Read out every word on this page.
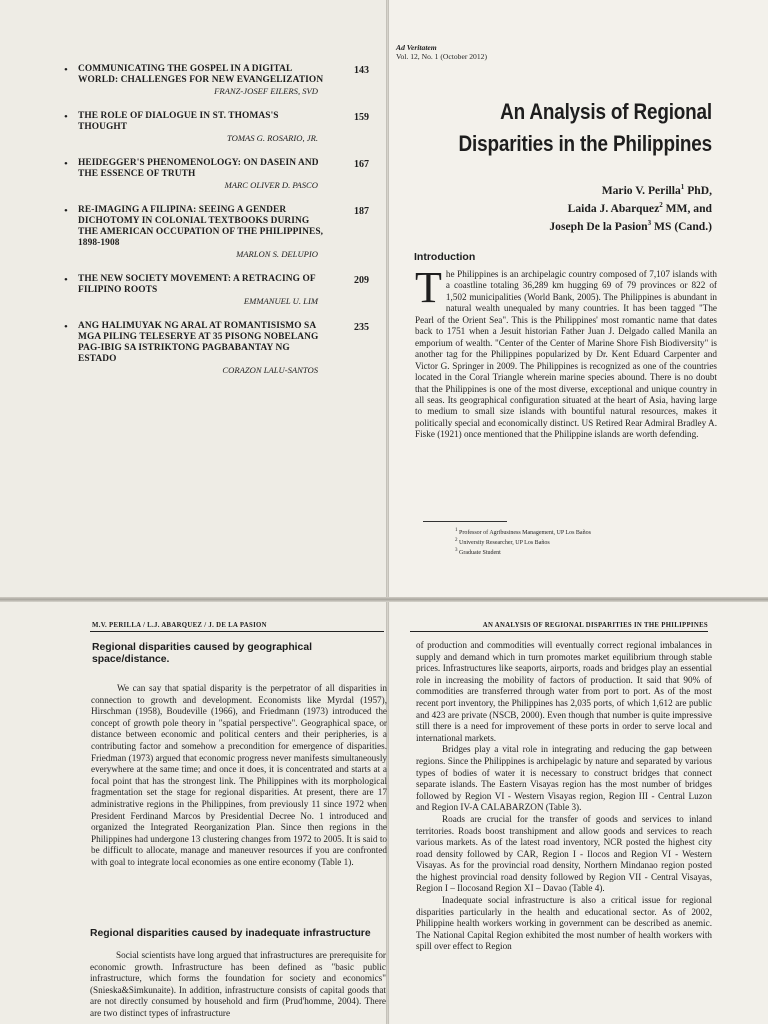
• COMMUNICATING THE GOSPEL IN A DIGITAL WORLD: CHALLENGES FOR NEW EVANGELIZATION
143
FRANZ-JOSEF EILERS, SVD
• THE ROLE OF DIALOGUE IN ST. THOMAS'S THOUGHT
159
TOMAS G. ROSARIO, JR.
• HEIDEGGER'S PHENOMENOLOGY: ON DASEIN AND THE ESSENCE OF TRUTH
167
MARC OLIVER D. PASCO
• RE-IMAGING A FILIPINA: SEEING A GENDER DICHOTOMY IN COLONIAL TEXTBOOKS DURING THE AMERICAN OCCUPATION OF THE PHILIPPINES, 1898-1908
187
MARLON S. DELUPIO
• THE NEW SOCIETY MOVEMENT: A RETRACING OF FILIPINO ROOTS
209
EMMANUEL U. LIM
• ANG HALIMUYAK NG ARAL AT ROMANTISISMO SA MGA PILING TELESERYE AT 35 PISONG NOBELANG PAG-IBIG SA ISTRIKTONG PAGBABANTAY NG ESTADO
235
CORAZON LALU-SANTOS
Ad Veritatem
Vol. 12, No. 1 (October 2012)
An Analysis of Regional
Disparities in the Philippines
Mario V. Perilla$^1$ PhD,
Laida J. Abarquez$^2$ MM, and
Joseph De la Pasion$^3$ MS (Cand.)
Introduction
The Philippines is an archipelagic country composed of 7,107 islands with a coastline totaling 36,289 km hugging 69 of 79 provinces or 822 of 1,502 municipalities (World Bank, 2005). The Philippines is abundant in natural wealth unequaled by many countries. It has been tagged "The Pearl of the Orient Sea". This is the Philippines' most romantic name that dates back to 1751 when a Jesuit historian Father Juan J. Delgado called Manila an emporium of wealth. "Center of the Center of Marine Shore Fish Biodiversity" is another tag for the Philippines popularized by Dr. Kent Eduard Carpenter and Victor G. Springer in 2009. The Philippines is recognized as one of the countries located in the Coral Triangle wherein marine species abound. There is no doubt that the Philippines is one of the most diverse, exceptional and unique country in all seas. Its geographical configuration situated at the heart of Asia, having large to medium to small size islands with bountiful natural resources, makes it politically special and economically distinct. US Retired Rear Admiral Bradley A. Fiske (1921) once mentioned that the Philippine islands are worth defending.
$^1$ Professor of Agribusiness Management, UP Los Baños
$^2$ University Researcher, UP Los Baños
$^3$ Graduate Student
M.V. PERILLA / L.J. ABARQUEZ / J. DE LA PASION
Regional disparities caused by geographical space/distance.

We can say that spatial disparity is the perpetrator of all disparities in connection to growth and development. Economists like Myrdal (1957), Hirschman (1958), Boudeville (1966), and Friedmann (1973) introduced the concept of growth pole theory in "spatial perspective". Geographical space, or distance between economic and political centers and their peripheries, is a contributing factor and somehow a precondition for emergence of disparities. Friedman (1973) argued that economic progress never manifests simultaneously everywhere at the same time; and once it does, it is concentrated and starts at a focal point that has the strongest link. The Philippines with its morphological fragmentation set the stage for regional disparities. At present, there are 17 administrative regions in the Philippines, from previously 11 since 1972 when President Ferdinand Marcos by Presidential Decree No. 1 introduced and organized the Integrated Reorganization Plan. Since then regions in the Philippines had undergone 13 clustering changes from 1972 to 2005. It is said to be difficult to allocate, manage and maneuver resources if you are confronted with goal to integrate local economies as one entire economy (Table 1).

Regional disparities caused by inadequate infrastructure

Social scientists have long argued that infrastructures are prerequisite for economic growth. Infrastructure has been defined as "basic public infrastructure, which forms the foundation for society and economics" (Snieska&Simkunaite). In addition, infrastructure consists of capital goods that are not directly consumed by household and firm (Prud'homme, 2004). There are two distinct types of infrastructure

AN ANALYSIS OF REGIONAL DISPARITIES IN THE PHILIPPINES

of production and commodities will eventually correct regional imbalances in supply and demand which in turn promotes market equilibrium through stable prices. Infrastructures like seaports, airports, roads and bridges play an essential role in increasing the mobility of factors of production. It said that 90% of commodities are transferred through water from port to port. As of the most recent port inventory, the Philippines has 2,035 ports, of which 1,612 are public and 423 are private (NSCB, 2000). Even though that number is quite impressive still there is a need for improvement of these ports in order to serve local and international markets.

Bridges play a vital role in integrating and reducing the gap between regions. Since the Philippines is archipelagic by nature and separated by various types of bodies of water it is necessary to construct bridges that connect separate islands. The Eastern Visayas region has the most number of bridges followed by Region VI - Western Visayas region, Region III - Central Luzon and Region IV-A CALABARZON (Table 3).

Roads are crucial for the transfer of goods and services to inland territories. Roads boost transhipment and allow goods and services to reach various markets. As of the latest road inventory, NCR posted the highest city road density followed by CAR, Region I - Ilocos and Region VI - Western Visayas. As for the provincial road density, Northern Mindanao region posted the highest provincial road density followed by Region VII - Central Visayas, Region I – Ilocosand Region XI – Davao (Table 4).

Inadequate social infrastructure is also a critical issue for regional disparities particularly in the health and educational sector. As of 2002, Philippine health workers working in government can be described as anemic. The National Capital Region exhibited the most number of health workers with spill over effect to Region
